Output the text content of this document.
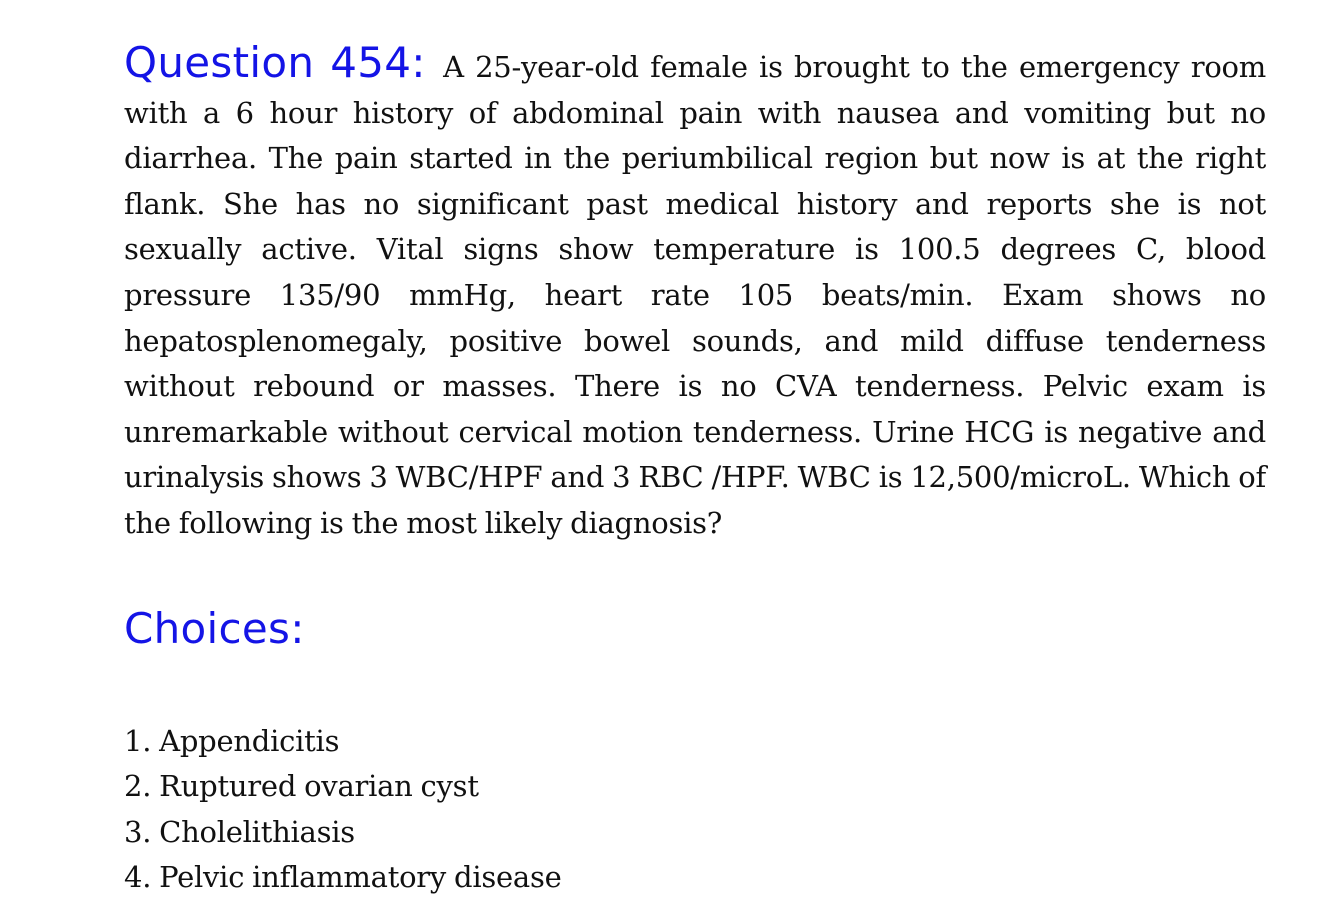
Question 454: A 25-year-old female is brought to the emergency room with a 6 hour history of abdominal pain with nausea and vomiting but no diarrhea. The pain started in the periumbilical region but now is at the right flank. She has no significant past medical history and reports she is not sexually active. Vital signs show temperature is 100.5 degrees C, blood pressure 135/90 mmHg, heart rate 105 beats/min. Exam shows no hepatosplenomegaly, positive bowel sounds, and mild diffuse tenderness without rebound or masses. There is no CVA tenderness. Pelvic exam is unremarkable without cervical motion tenderness. Urine HCG is negative and urinalysis shows 3 WBC/HPF and 3 RBC /HPF. WBC is 12,500/microL. Which of the following is the most likely diagnosis?

Choices:
1. Appendicitis
2. Ruptured ovarian cyst
3. Cholelithiasis
4. Pelvic inflammatory disease
